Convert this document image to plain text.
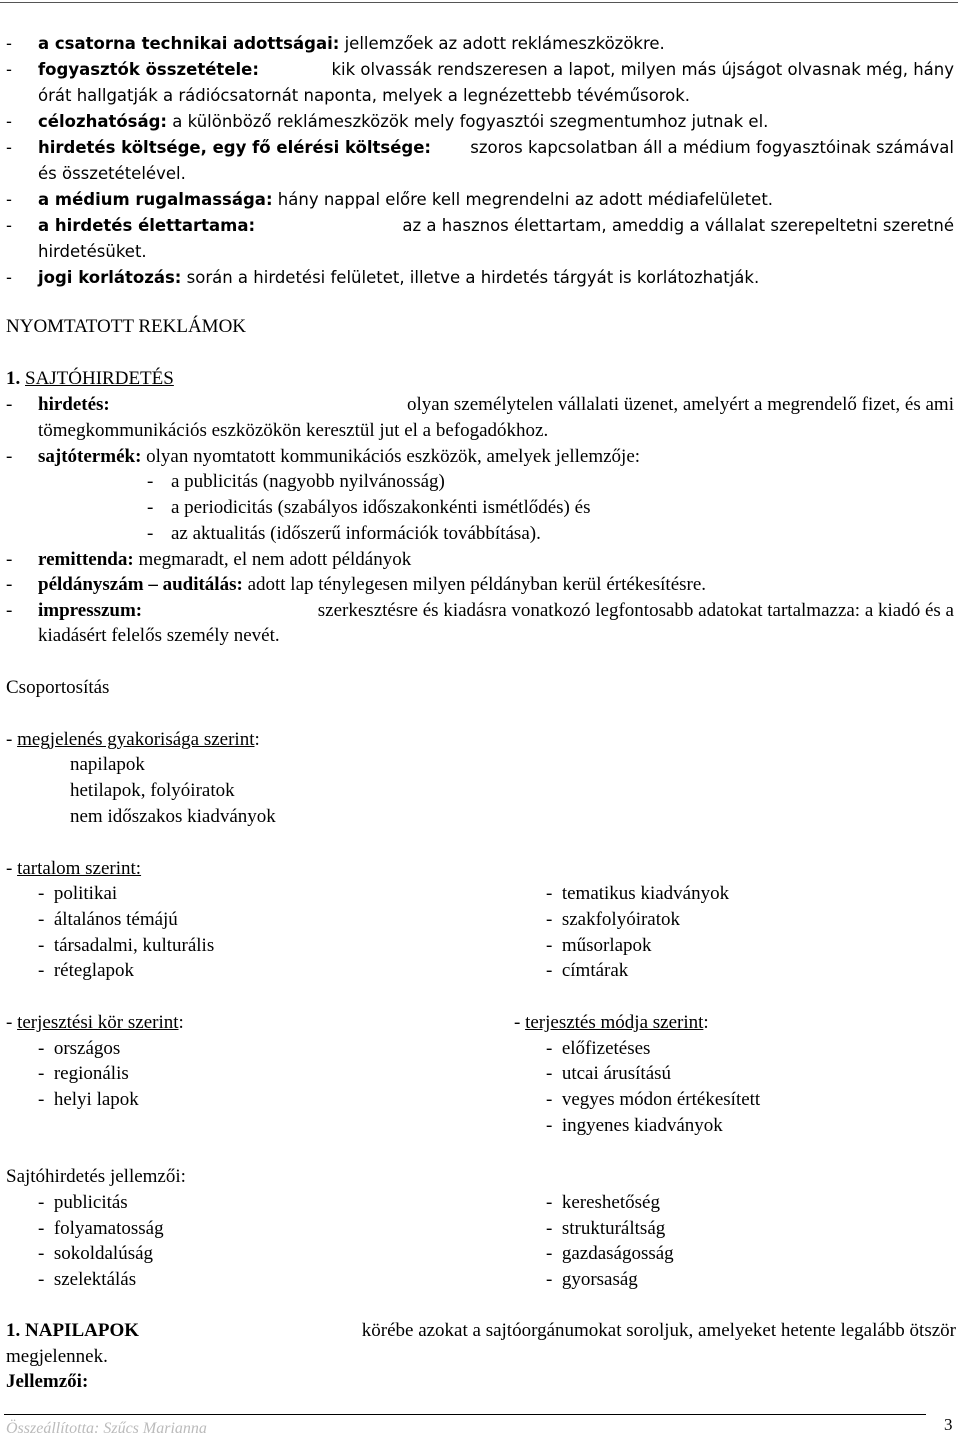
- a csatorna technikai adottságai: jellemzőek az adott reklámeszközökre.
- fogyasztók összetétele:	kik olvassák rendszeresen a lapot, milyen más újságot olvasnak még, hány
órát hallgatják a rádiócsatornát naponta, melyek a legnézettebb tévéműsorok.
- célozhatóság: a különböző reklámeszközök mely fogyasztói szegmentumhoz jutnak el.
- hirdetés költsége, egy fő elérési költsége: szoros kapcsolatban áll a médium fogyasztóinak számával
és összetételével.
- a médium rugalmassága: hány nappal előre kell megrendelni az adott médiafelületet.
- a hirdetés élettartama:	az a hasznos élettartam, ameddig a vállalat szerepeltetni szeretné
hirdetésüket.
- jogi korlátozás: során a hirdetési felületet, illetve a hirdetés tárgyát is korlátozhatják.
NYOMTATOTT REKLÁMOK
1. SAJTÓHIRDETÉS
- hirdetés:	olyan személytelen vállalati üzenet, amelyért a megrendelő fizet, és ami
tömegkommunikációs eszközökön keresztül jut el a befogadókhoz.
- sajtótermék: olyan nyomtatott kommunikációs eszközök, amelyek jellemzője:
- a publicitás (nagyobb nyilvánosság)
- a periodicitás (szabályos időszakonkénti ismétlődés) és
- az aktualitás (időszerű információk továbbítása).
- remittenda: megmaradt, el nem adott példányok
- példányszám – auditálás: adott lap ténylegesen milyen példányban kerül értékesítésre.
- impresszum:	szerkesztésre és kiadásra vonatkozó legfontosabb adatokat tartalmazza: a kiadó és a
kiadásért felelős személy nevét.
Csoportosítás
- megjelenés gyakorisága szerint:
napilapok
hetilapok, folyóiratok
nem időszakos kiadványok
- tartalom szerint:
-  politikai
-  általános témájú
-  társadalmi, kulturális
-  réteglapok
-  tematikus kiadványok
-  szakfolyóiratok
-  műsorlapok
-  címtárak
- terjesztési kör szerint:
-  országos
-  regionális
-  helyi lapok
- terjesztés módja szerint:
-  előfizetéses
-  utcai árusítású
-  vegyes módon értékesített
-  ingyenes kiadványok
Sajtóhirdetés jellemzői:
-  publicitás
-  folyamatosság
-  sokoldalúság
-  szelektálás
-  kereshetőség
-  strukturáltság
-  gazdaságosság
-  gyorsaság
1. NAPILAPOK	körébe azokat a sajtóorgánumokat soroljuk, amelyeket hetente legalább ötször
megjelennek.
Jellemzői:
Összeállította: Szűcs Marianna	3
